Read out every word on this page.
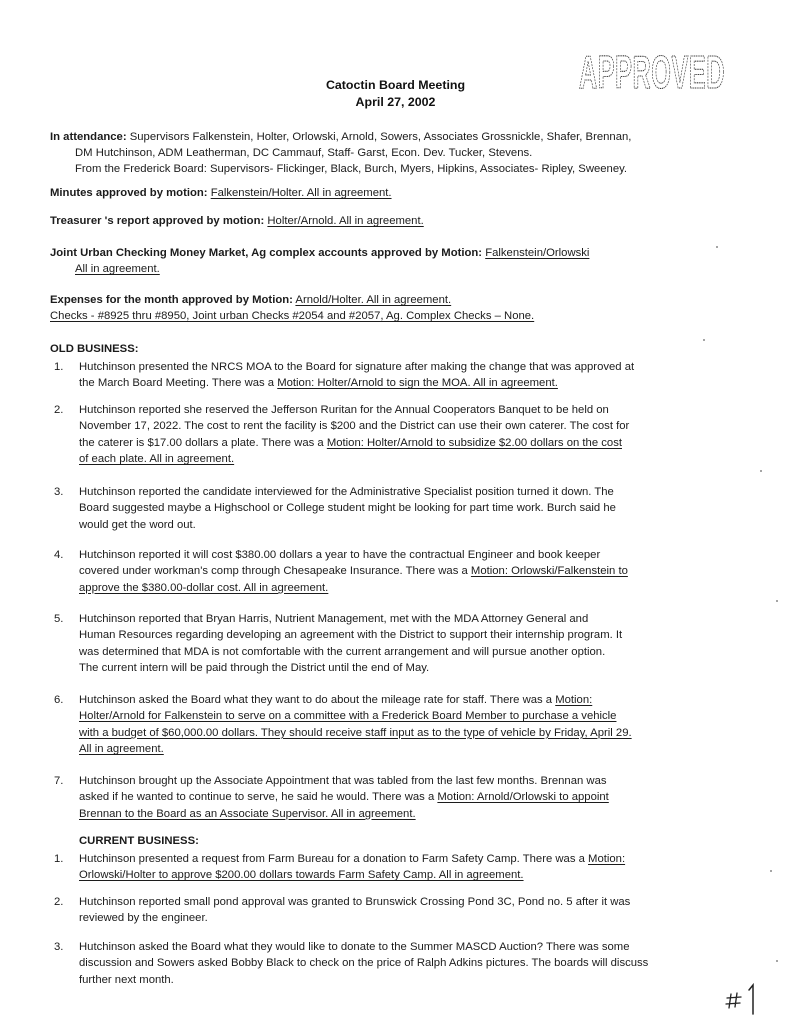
APPROVED
Catoctin Board Meeting
April 27, 2002
In attendance: Supervisors Falkenstein, Holter, Orlowski, Arnold, Sowers, Associates Grossnickle, Shafer, Brennan,
DM Hutchinson, ADM Leatherman, DC Cammauf, Staff- Garst, Econ. Dev. Tucker, Stevens.
From the Frederick Board: Supervisors- Flickinger, Black, Burch, Myers, Hipkins, Associates- Ripley, Sweeney.
Minutes approved by motion: Falkenstein/Holter. All in agreement.
Treasurer 's report approved by motion: Holter/Arnold. All in agreement.
Joint Urban Checking Money Market, Ag complex accounts approved by Motion: Falkenstein/Orlowski
All in agreement.
Expenses for the month approved by Motion: Arnold/Holter. All in agreement.
Checks - #8925 thru #8950, Joint urban Checks #2054 and #2057, Ag. Complex Checks – None.
OLD BUSINESS:
1.	Hutchinson presented the NRCS MOA to the Board for signature after making the change that was approved at
the March Board Meeting. There was a Motion: Holter/Arnold to sign the MOA. All in agreement.
2.	Hutchinson reported she reserved the Jefferson Ruritan for the Annual Cooperators Banquet to be held on
November 17, 2022. The cost to rent the facility is $200 and the District can use their own caterer. The cost for
the caterer is $17.00 dollars a plate. There was a Motion: Holter/Arnold to subsidize $2.00 dollars on the cost
of each plate. All in agreement.
3.	Hutchinson reported the candidate interviewed for the Administrative Specialist position turned it down. The
Board suggested maybe a Highschool or College student might be looking for part time work. Burch said he
would get the word out.
4.	Hutchinson reported it will cost $380.00 dollars a year to have the contractual Engineer and book keeper
covered under workman's comp through Chesapeake Insurance. There was a Motion: Orlowski/Falkenstein to
approve the $380.00-dollar cost. All in agreement.
5.	Hutchinson reported that Bryan Harris, Nutrient Management, met with the MDA Attorney General and
Human Resources regarding developing an agreement with the District to support their internship program. It
was determined that MDA is not comfortable with the current arrangement and will pursue another option.
The current intern will be paid through the District until the end of May.
6.	Hutchinson asked the Board what they want to do about the mileage rate for staff. There was a Motion:
Holter/Arnold for Falkenstein to serve on a committee with a Frederick Board Member to purchase a vehicle
with a budget of $60,000.00 dollars. They should receive staff input as to the type of vehicle by Friday, April 29.
All in agreement.
7.	Hutchinson brought up the Associate Appointment that was tabled from the last few months. Brennan was
asked if he wanted to continue to serve, he said he would. There was a Motion: Arnold/Orlowski to appoint
Brennan to the Board as an Associate Supervisor. All in agreement.
CURRENT BUSINESS:
1.	Hutchinson presented a request from Farm Bureau for a donation to Farm Safety Camp. There was a Motion:
Orlowski/Holter to approve $200.00 dollars towards Farm Safety Camp. All in agreement.
2.	Hutchinson reported small pond approval was granted to Brunswick Crossing Pond 3C, Pond no. 5 after it was
reviewed by the engineer.
3.	Hutchinson asked the Board what they would like to donate to the Summer MASCD Auction? There was some
discussion and Sowers asked Bobby Black to check on the price of Ralph Adkins pictures. The boards will discuss
further next month.
